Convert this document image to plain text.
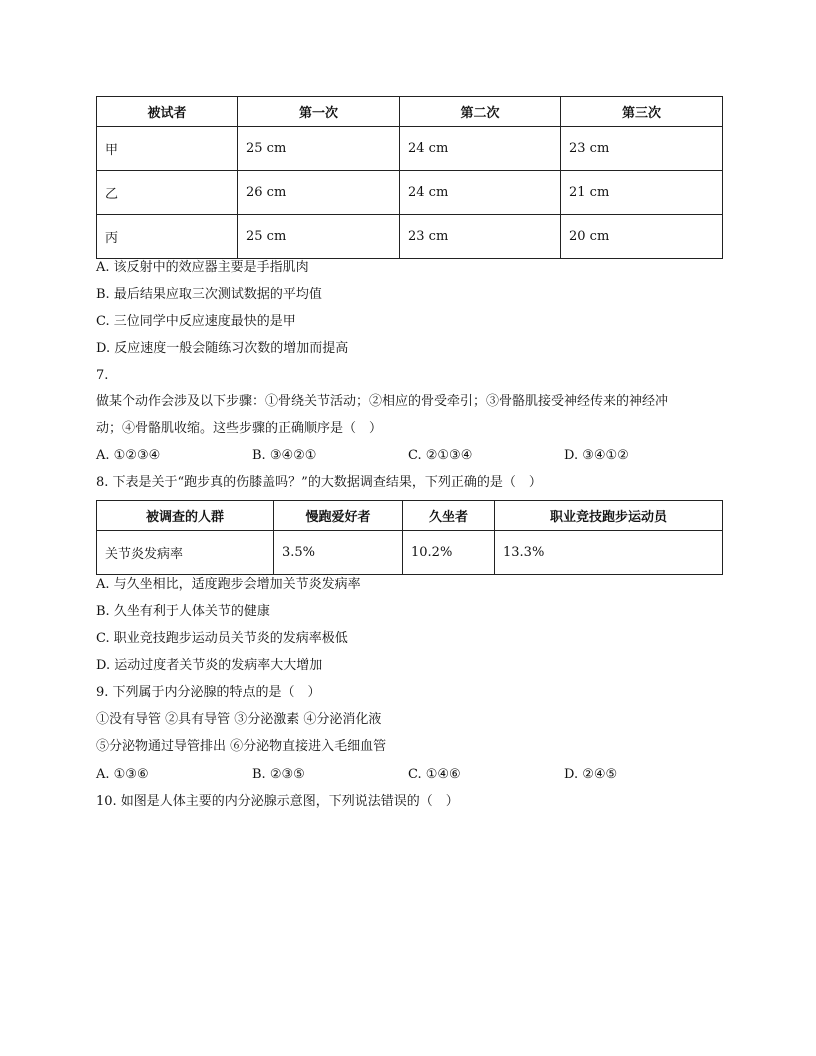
被试者	第一次	第二次	第三次
甲	25 cm	24 cm	23 cm
乙	26 cm	24 cm	21 cm
丙	25 cm	23 cm	20 cm
A. 该反射中的效应器主要是手指肌肉
B. 最后结果应取三次测试数据的平均值
C. 三位同学中反应速度最快的是甲
D. 反应速度一般会随练习次数的增加而提高
7.
做某个动作会涉及以下步骤：①骨绕关节活动；②相应的骨受牵引；③骨骼肌接受神经传来的神经冲
动；④骨骼肌收缩。这些步骤的正确顺序是（　）
A. ①②③④	B. ③④②①	C. ②①③④	D. ③④①②
8. 下表是关于“跑步真的伤膝盖吗？”的大数据调查结果，下列正确的是（　）
被调查的人群	慢跑爱好者	久坐者	职业竞技跑步运动员
关节炎发病率	3.5%	10.2%	13.3%
A. 与久坐相比，适度跑步会增加关节炎发病率
B. 久坐有利于人体关节的健康
C. 职业竞技跑步运动员关节炎的发病率极低
D. 运动过度者关节炎的发病率大大增加
9. 下列属于内分泌腺的特点的是（　）
①没有导管 ②具有导管 ③分泌激素 ④分泌消化液
⑤分泌物通过导管排出 ⑥分泌物直接进入毛细血管
A. ①③⑥	B. ②③⑤	C. ①④⑥	D. ②④⑤
10. 如图是人体主要的内分泌腺示意图，下列说法错误的（　）
